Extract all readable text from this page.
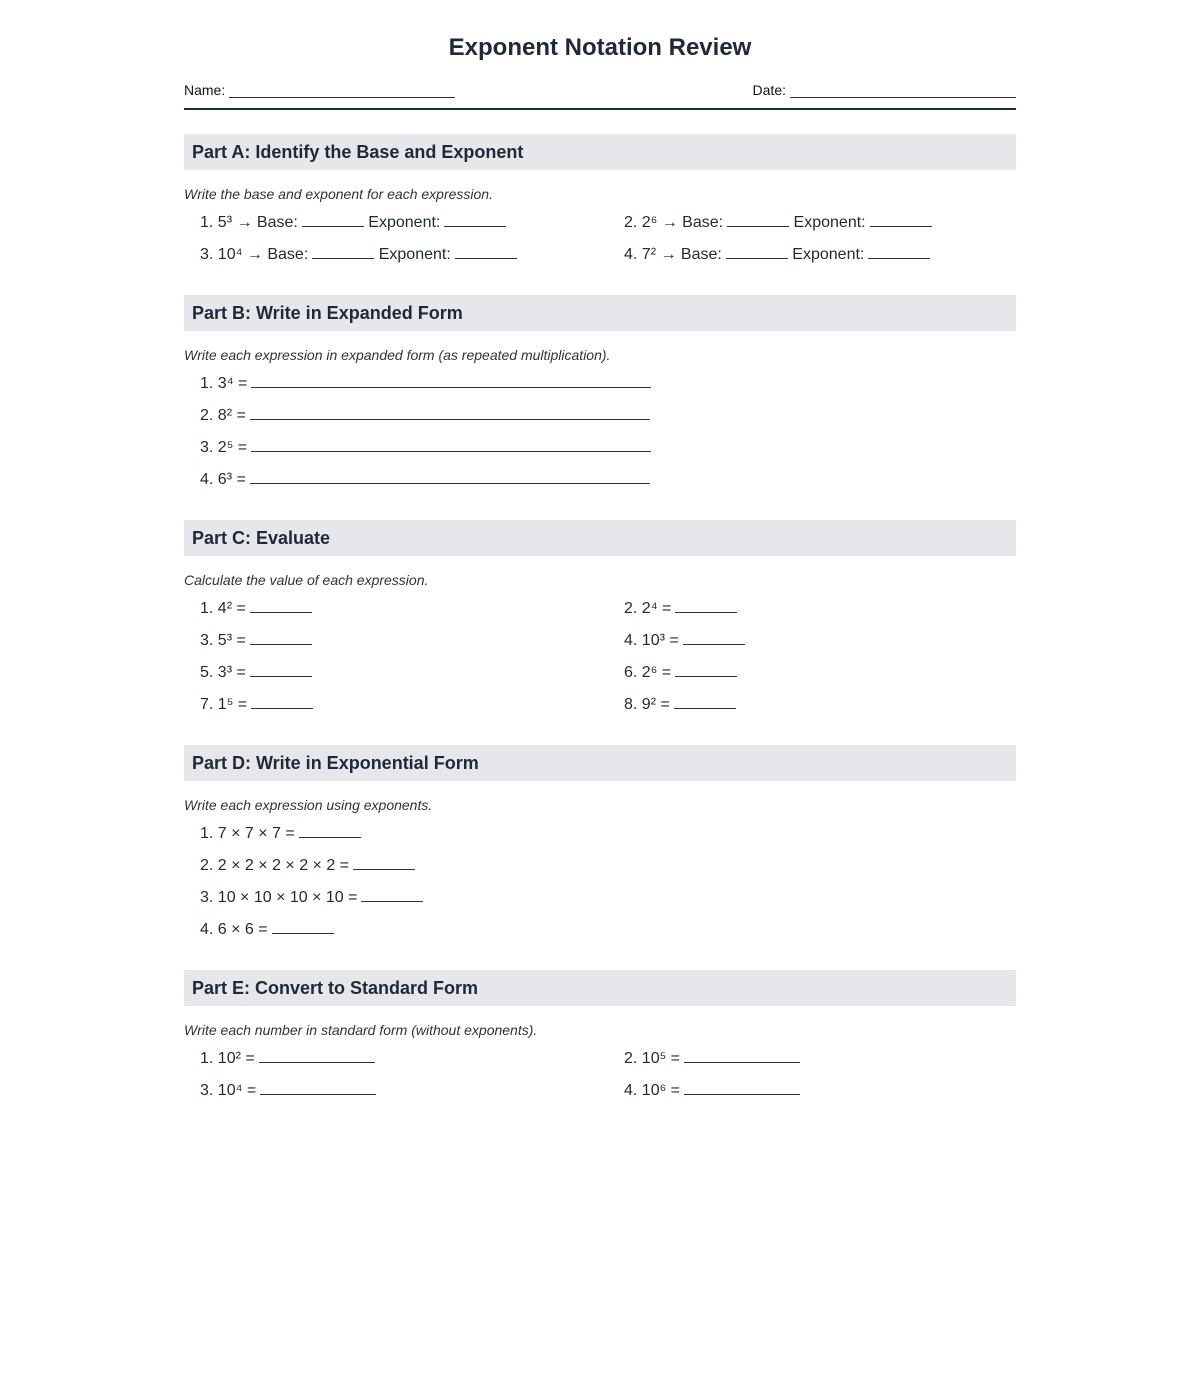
Exponent Notation Review
Name:	Date:
Part A: Identify the Base and Exponent
Write the base and exponent for each expression.
1. 5³ → Base:	Exponent:	2. 2⁶ → Base:	Exponent:
3. 10⁴ → Base:	Exponent:	4. 7² → Base:	Exponent:
Part B: Write in Expanded Form
Write each expression in expanded form (as repeated multiplication).
1. 3⁴ =
2. 8² =
3. 2⁵ =
4. 6³ =
Part C: Evaluate
Calculate the value of each expression.
1. 4² =	2. 2⁴ =
3. 5³ =	4. 10³ =
5. 3³ =	6. 2⁶ =
7. 1⁵ =	8. 9² =
Part D: Write in Exponential Form
Write each expression using exponents.
1. 7 × 7 × 7 =
2. 2 × 2 × 2 × 2 × 2 =
3. 10 × 10 × 10 × 10 =
4. 6 × 6 =
Part E: Convert to Standard Form
Write each number in standard form (without exponents).
1. 10² =	2. 10⁵ =
3. 10⁴ =	4. 10⁶ =
